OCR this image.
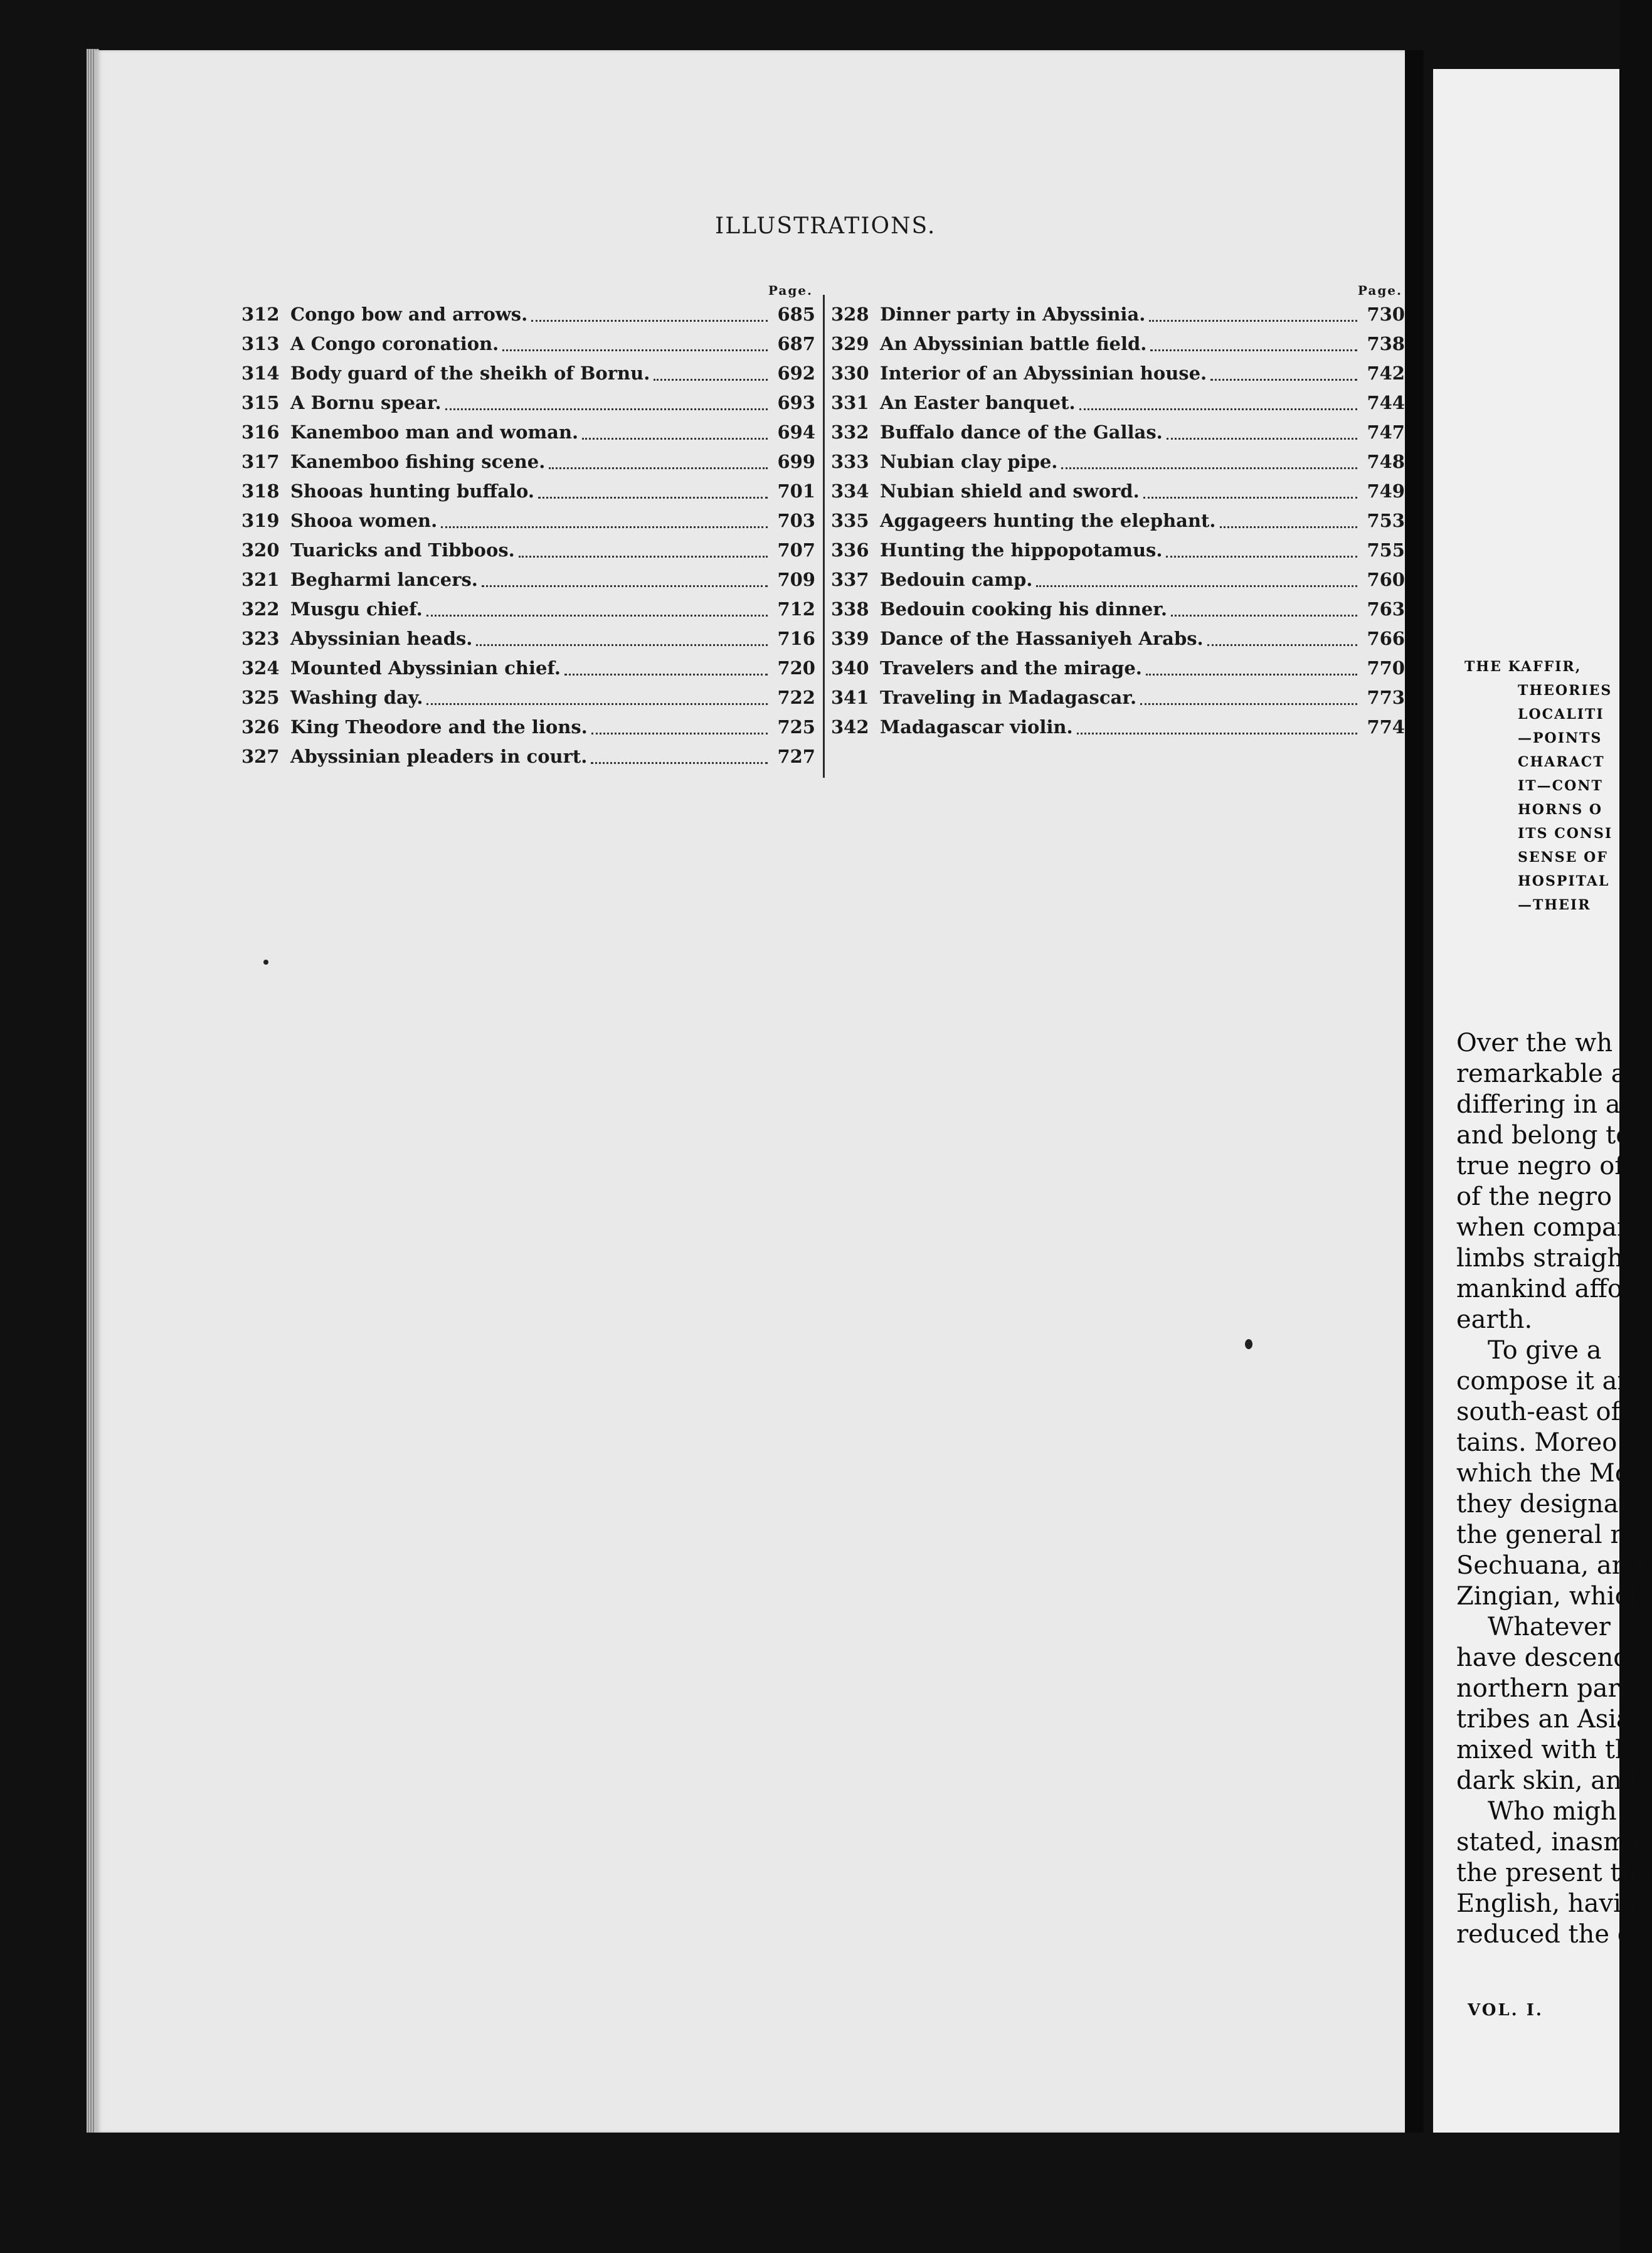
Page.
312 Congo bow and arrows.	685
313 A Congo coronation.	687
314 Body guard of the sheikh of Bornu.	692
315 A Bornu spear.	693
316 Kanemboo man and woman.	694
317 Kanemboo fishing scene.	699
318 Shooas hunting buffalo.	701
319 Shooa women.	703
320 Tuaricks and Tibboos.	707
321 Begharmi lancers.	709
322 Musgu chief.	712
323 Abyssinian heads.	716
324 Mounted Abyssinian chief.	720
325 Washing day.	722
326 King Theodore and the lions.	725
327 Abyssinian pleaders in court.	727
Page.
328 Dinner party in Abyssinia.	730
329 An Abyssinian battle field.	738
330 Interior of an Abyssinian house.	742
331 An Easter banquet.	744
332 Buffalo dance of the Gallas.	747
333 Nubian clay pipe.	748
334 Nubian shield and sword.	749
335 Aggageers hunting the elephant.	753
336 Hunting the hippopotamus.	755
337 Bedouin camp.	760
338 Bedouin cooking his dinner.	763
339 Dance of the Hassaniyeh Arabs.	766
340 Travelers and the mirage.	770
341 Traveling in Madagascar.	773
342 Madagascar violin.	774
THE KAFFIR,
THEORIES
LOCALITI
—POINTS
CHARACT
IT—CONT
HORNS O
ITS CONSI
SENSE OF
HOSPITAL
—THEIR
Over the wh
remarkable a
differing in a
and belong to
true negro of
of the negro ;
when compar
limbs straight
mankind affor
earth.
To give a
compose it are
south-east of
tains. Moreo
which the Mo
they designate
the general n
Sechuana, and
Zingian, which
Whatever
have descende
northern parts
tribes an Asia
mixed with th
dark skin, and
Who migh
stated, inasmu
the present tim
English, havin
reduced the d
VOL. I.
